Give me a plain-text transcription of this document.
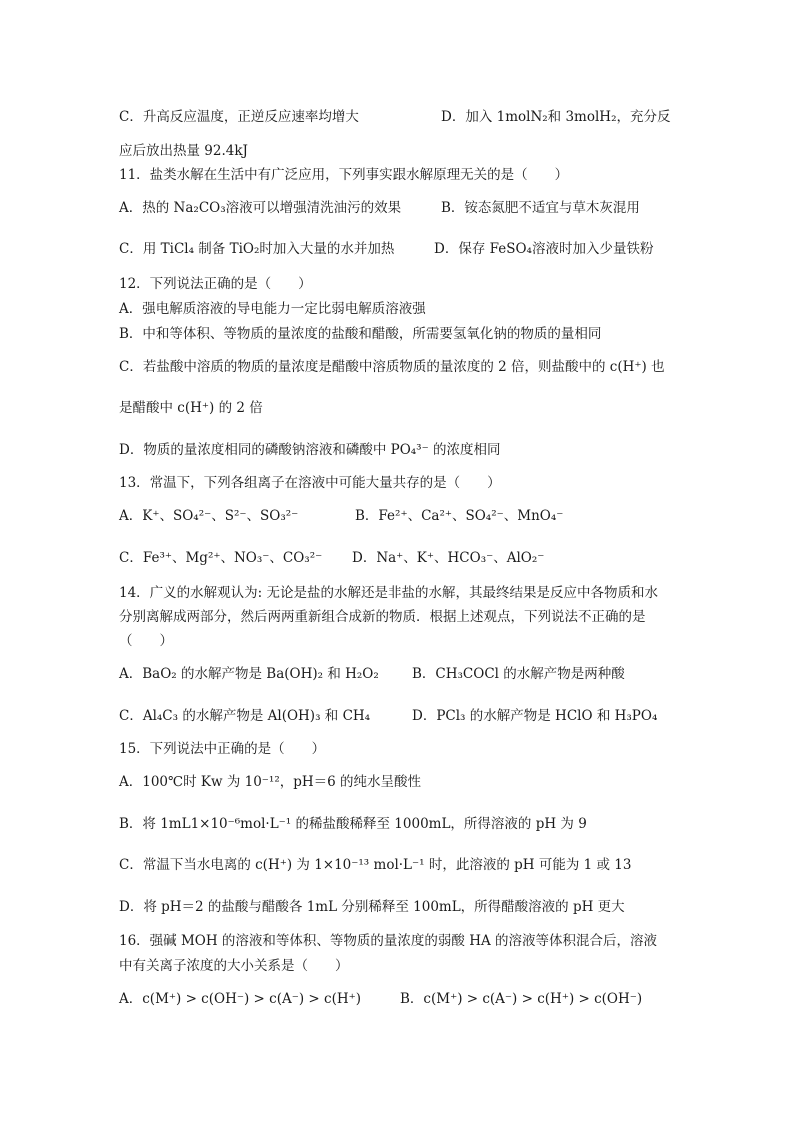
C．升高反应温度，正逆反应速率均增大	D．加入 1molN₂和 3molH₂，充分反
应后放出热量 92.4kJ
11．盐类水解在生活中有广泛应用，下列事实跟水解原理无关的是（　　）
A．热的 Na₂CO₃溶液可以增强清洗油污的效果	B．铵态氮肥不适宜与草木灰混用
C．用 TiCl₄ 制备 TiO₂时加入大量的水并加热	D．保存 FeSO₄溶液时加入少量铁粉
12．下列说法正确的是（　　）
A．强电解质溶液的导电能力一定比弱电解质溶液强
B．中和等体积、等物质的量浓度的盐酸和醋酸，所需要氢氧化钠的物质的量相同
C．若盐酸中溶质的物质的量浓度是醋酸中溶质物质的量浓度的 2 倍，则盐酸中的 c(H⁺) 也
是醋酸中 c(H⁺) 的 2 倍
D．物质的量浓度相同的磷酸钠溶液和磷酸中 PO₄³⁻ 的浓度相同
13．常温下，下列各组离子在溶液中可能大量共存的是（　　）
A．K⁺、SO₄²⁻、S²⁻、SO₃²⁻	B．Fe²⁺、Ca²⁺、SO₄²⁻、MnO₄⁻
C．Fe³⁺、Mg²⁺、NO₃⁻、CO₃²⁻ D．Na⁺、K⁺、HCO₃⁻、AlO₂⁻
14．广义的水解观认为: 无论是盐的水解还是非盐的水解，其最终结果是反应中各物质和水
分别离解成两部分，然后两两重新组合成新的物质．根据上述观点，下列说法不正确的是
（　　）
A．BaO₂ 的水解产物是 Ba(OH)₂ 和 H₂O₂ B．CH₃COCl 的水解产物是两种酸
C．Al₄C₃ 的水解产物是 Al(OH)₃ 和 CH₄	D．PCl₃ 的水解产物是 HClO 和 H₃PO₄
15．下列说法中正确的是（　　）
A．100℃时 Kw 为 10⁻¹²，pH＝6 的纯水呈酸性
B．将 1mL1×10⁻⁶mol·L⁻¹ 的稀盐酸稀释至 1000mL，所得溶液的 pH 为 9
C．常温下当水电离的 c(H⁺) 为 1×10⁻¹³ mol·L⁻¹ 时，此溶液的 pH 可能为 1 或 13
D．将 pH＝2 的盐酸与醋酸各 1mL 分别稀释至 100mL，所得醋酸溶液的 pH 更大
16．强碱 MOH 的溶液和等体积、等物质的量浓度的弱酸 HA 的溶液等体积混合后，溶液
中有关离子浓度的大小关系是（　　）
A．c(M⁺) > c(OH⁻) > c(A⁻) > c(H⁺)	B．c(M⁺) > c(A⁻) > c(H⁺) > c(OH⁻)
